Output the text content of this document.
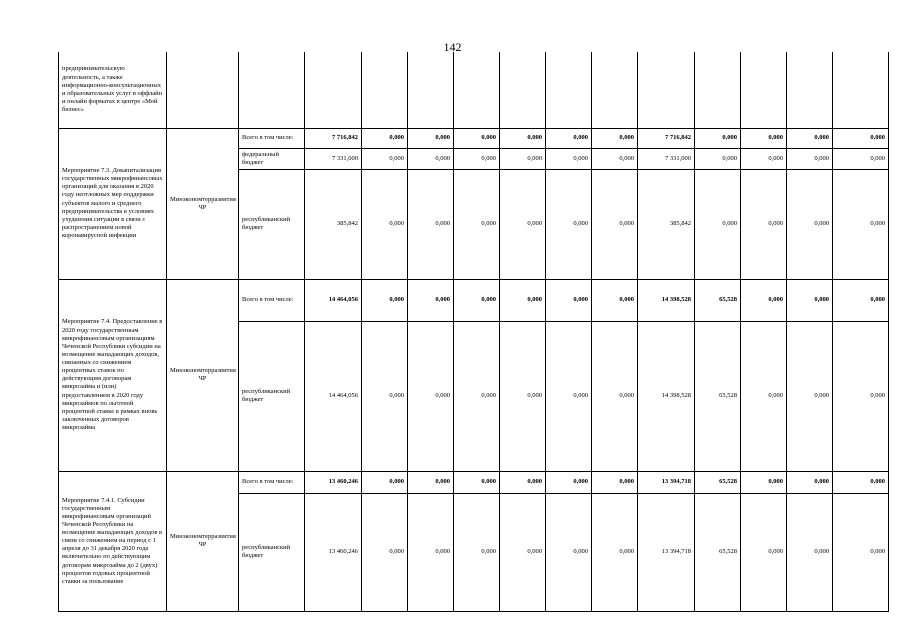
142
предпринимательскую деятельность, а также информационно-консультационных и образовательных услуг в оффлайн и онлайн форматах в центре «Мой бизнес»														
Мероприятие 7.3. Докапитализация государственных микрофинансовых организаций для оказания в 2020 году неотложных мер поддержки субъектов малого и среднего предпринимательства в условиях ухудшения ситуации в связи с распространением новой коронавирусной инфекции	Минэкономтерразвития ЧР	Всего в том числе:	7 716,842	0,000	0,000	0,000	0,000	0,000	0,000	7 716,842	0,000	0,000	0,000	0,000
		федеральный бюджет	7 331,000	0,000	0,000	0,000	0,000	0,000	0,000	7 331,000	0,000	0,000	0,000	0,000
		республиканский бюджет	385,842	0,000	0,000	0,000	0,000	0,000	0,000	385,842	0,000	0,000	0,000	0,000
Мероприятие 7.4. Предоставление в 2020 году государственным микрофинансовым организациям Чеченской Республики субсидии на возмещение выпадающих доходов, связанных со снижением процентных ставок по действующим договорам микрозайма и (или) предоставлением в 2020 году микрозаймов по льготной процентной ставке в рамках вновь заключенных договоров микрозайма	Минэкономтерразвития ЧР	Всего в том числе:	14 464,056	0,000	0,000	0,000	0,000	0,000	0,000	14 398,528	65,528	0,000	0,000	0,000
		республиканский бюджет	14 464,056	0,000	0,000	0,000	0,000	0,000	0,000	14 398,528	65,528	0,000	0,000	0,000
Мероприятие 7.4.1. Субсидии государственным микрофинансовым организаций Чеченской Республики на возмещение выпадающих доходов в связи со снижением на период с 1 апреля до 31 декабря 2020 года включительно по действующим договорам микрозайма до 2 (двух) процентов годовых процентной ставки за пользование	Минэкономтерразвития ЧР	Всего в том числе:	13 460,246	0,000	0,000	0,000	0,000	0,000	0,000	13 394,718	65,528	0,000	0,000	0,000
		республиканский бюджет	13 460,246	0,000	0,000	0,000	0,000	0,000	0,000	13 394,718	65,528	0,000	0,000	0,000
